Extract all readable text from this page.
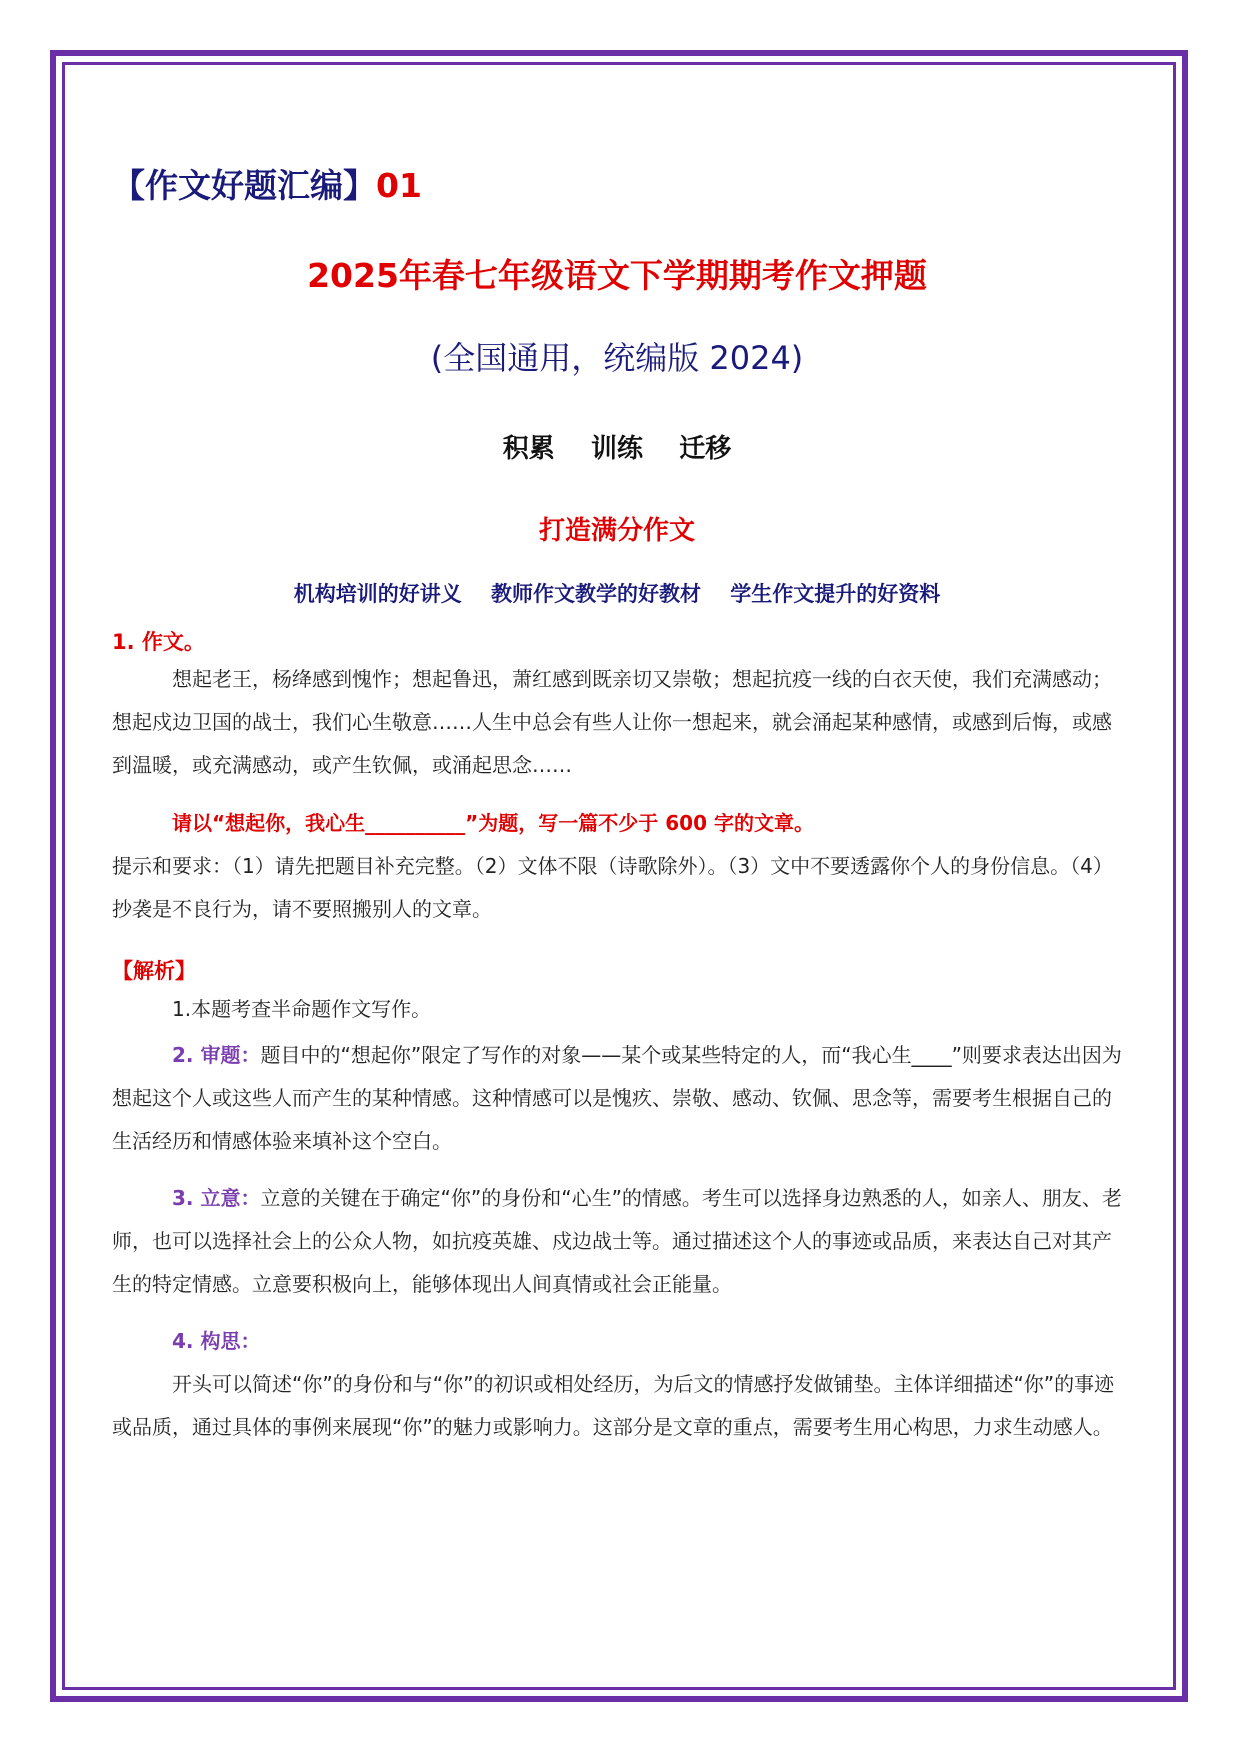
【作文好题汇编】01
2025年春七年级语文下学期期考作文押题
(全国通用，统编版 2024)
积累    训练    迁移
打造满分作文
机构培训的好讲义    教师作文教学的好教材    学生作文提升的好资料
1. 作文。
想起老王，杨绛感到愧怍；想起鲁迅，萧红感到既亲切又崇敬；想起抗疫一线的白衣天使，我们充满感动；想起戍边卫国的战士，我们心生敬意……人生中总会有些人让你一想起来，就会涌起某种感情，或感到后悔，或感到温暖，或充满感动，或产生钦佩，或涌起思念……
请以“想起你，我心生__________”为题，写一篇不少于 600 字的文章。
提示和要求：（1）请先把题目补充完整。（2）文体不限（诗歌除外）。（3）文中不要透露你个人的身份信息。（4）抄袭是不良行为，请不要照搬别人的文章。
【解析】
1.本题考查半命题作文写作。
2. 审题：题目中的“想起你”限定了写作的对象——某个或某些特定的人，而“我心生____”则要求表达出因为想起这个人或这些人而产生的某种情感。这种情感可以是愧疚、崇敬、感动、钦佩、思念等，需要考生根据自己的生活经历和情感体验来填补这个空白。
3. 立意：立意的关键在于确定“你”的身份和“心生”的情感。考生可以选择身边熟悉的人，如亲人、朋友、老师，也可以选择社会上的公众人物，如抗疫英雄、戍边战士等。通过描述这个人的事迹或品质，来表达自己对其产生的特定情感。立意要积极向上，能够体现出人间真情或社会正能量。
4. 构思：
开头可以简述“你”的身份和与“你”的初识或相处经历，为后文的情感抒发做铺垫。主体详细描述“你”的事迹或品质，通过具体的事例来展现“你”的魅力或影响力。这部分是文章的重点，需要考生用心构思，力求生动感人。
